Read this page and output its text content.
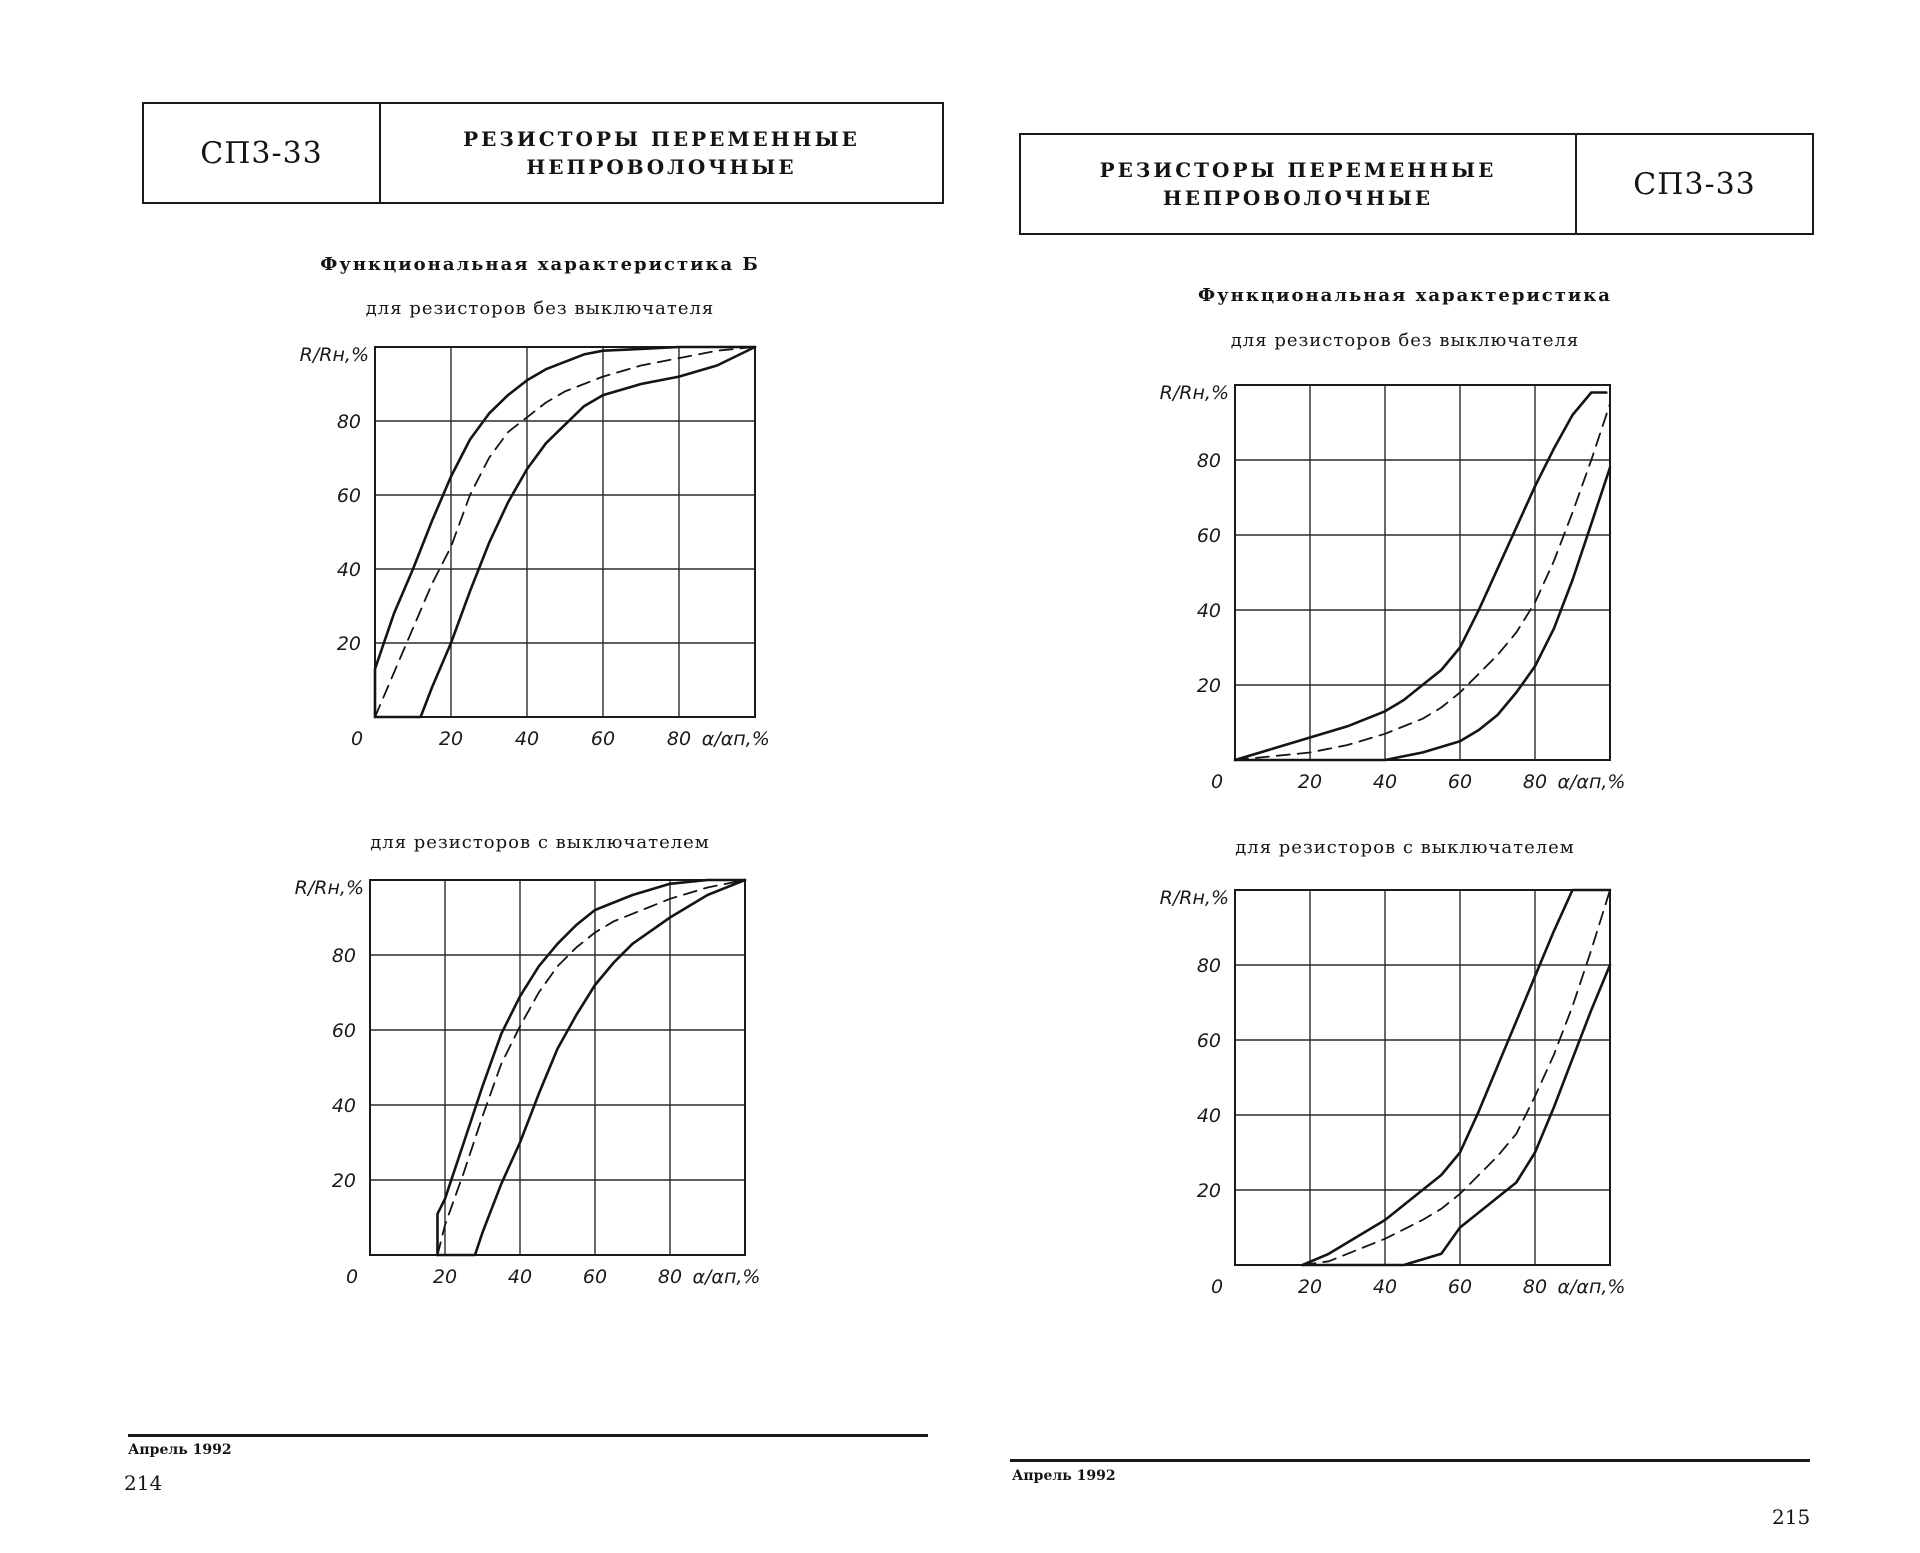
СП3-33	РЕЗИСТОРЫ ПЕРЕМЕННЫЕ
НЕПРОВОЛОЧНЫЕ
Функциональная характеристика Б
для резисторов без выключателя
20
40
60
80
R/Rн,%
0	20	40	60	80 α/αп,%
для резисторов с выключателем
20
40
60
80
R/Rн,%
0	20	40	60	80 α/αп,%
Апрель 1992
214
РЕЗИСТОРЫ ПЕРЕМЕННЫЕ
НЕПРОВОЛОЧНЫЕ	СП3-33
Функциональная характеристика
для резисторов без выключателя
20
40
60
80
R/Rн,%
0	20	40	60	80 α/αп,%
для резисторов с выключателем
20
40
60
80
R/Rн,%
0	20	40	60	80 α/αп,%
Апрель 1992
215
